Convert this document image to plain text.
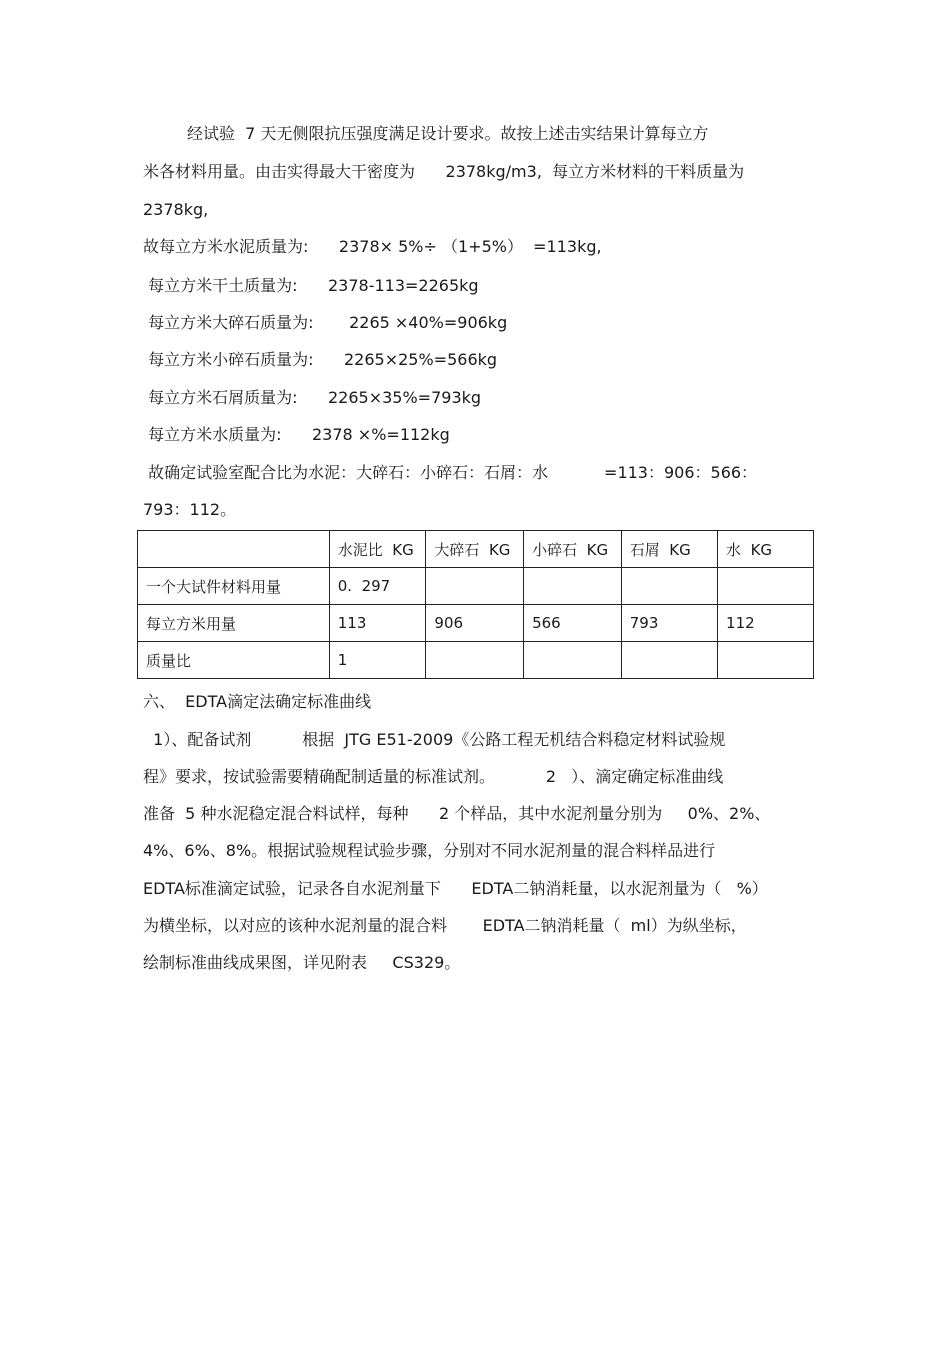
经试验  7 天无侧限抗压强度满足设计要求。故按上述击实结果计算每立方
米各材料用量。由击实得最大干密度为      2378kg/m3,  每立方米材料的干料质量为
2378kg,
故每立方米水泥质量为:      2378× 5%÷ （1+5%）  =113kg,
每立方米干土质量为:      2378-113=2265kg
每立方米大碎石质量为:       2265 ×40%=906kg
每立方米小碎石质量为:      2265×25%=566kg
每立方米石屑质量为:      2265×35%=793kg
每立方米水质量为:      2378 ×%=112kg
故确定试验室配合比为水泥：大碎石：小碎石：石屑：水           =113：906：566：
793：112。
	水泥比  KG	大碎石  KG	小碎石  KG	石屑  KG	水  KG
一个大试件材料用量	0.  297				
每立方米用量	113	906	566	793	112
质量比	1				
六、  EDTA滴定法确定标准曲线
1）、配备试剂          根据  JTG E51-2009《公路工程无机结合料稳定材料试验规
程》要求，按试验需要精确配制适量的标准试剂。          2   ）、滴定确定标准曲线
准备  5 种水泥稳定混合料试样，每种      2 个样品，其中水泥剂量分别为     0%、2%、
4%、6%、8%。根据试验规程试验步骤，分别对不同水泥剂量的混合料样品进行
EDTA标准滴定试验，记录各自水泥剂量下      EDTA二钠消耗量，以水泥剂量为（   %）
为横坐标，以对应的该种水泥剂量的混合料       EDTA二钠消耗量（  ml）为纵坐标，
绘制标准曲线成果图，详见附表     CS329。
